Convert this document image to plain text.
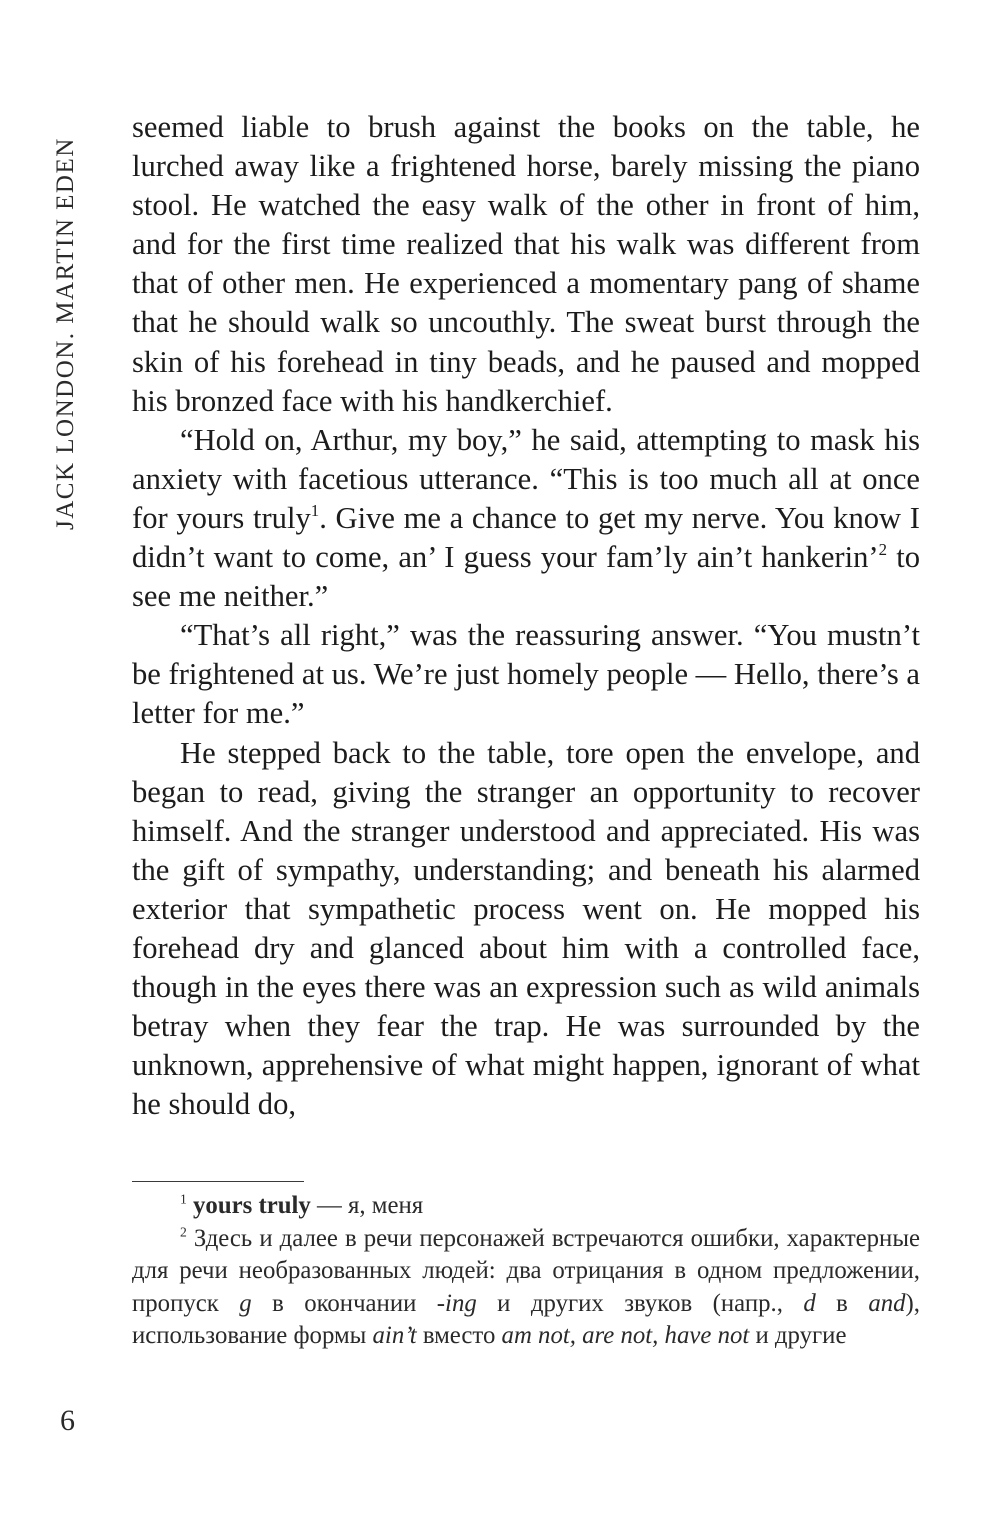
JACK LONDON. MARTIN EDEN

seemed liable to brush against the books on the table, he lurched away like a frightened horse, barely missing the piano stool. He watched the easy walk of the other in front of him, and for the first time realized that his walk was different from that of other men. He experienced a momentary pang of shame that he should walk so uncouthly. The sweat burst through the skin of his forehead in tiny beads, and he paused and mopped his bronzed face with his handkerchief.

“Hold on, Arthur, my boy,” he said, attempting to mask his anxiety with facetious utterance. “This is too much all at once for yours truly$^1$. Give me a chance to get my nerve. You know I didn’t want to come, an’ I guess your fam’ly ain’t hankerin’$^2$ to see me neither.”

“That’s all right,” was the reassuring answer. “You mustn’t be frightened at us. We’re just homely people — Hello, there’s a letter for me.”

He stepped back to the table, tore open the envelope, and began to read, giving the stranger an opportunity to recover himself. And the stranger understood and appreciated. His was the gift of sympathy, understanding; and beneath his alarmed exterior that sympathetic process went on. He mopped his forehead dry and glanced about him with a controlled face, though in the eyes there was an expression such as wild animals betray when they fear the trap. He was surrounded by the unknown, apprehensive of what might happen, ignorant of what he should do,

$^1$ yours truly — я, меня

$^2$ Здесь и далее в речи персонажей встречаются ошибки, характерные для речи необразованных людей: два отрицания в одном предложении, пропуск g в окончании -ing и других звуков (напр., d в and), использование формы ain’t вместо am not, are not, have not и другие

6
